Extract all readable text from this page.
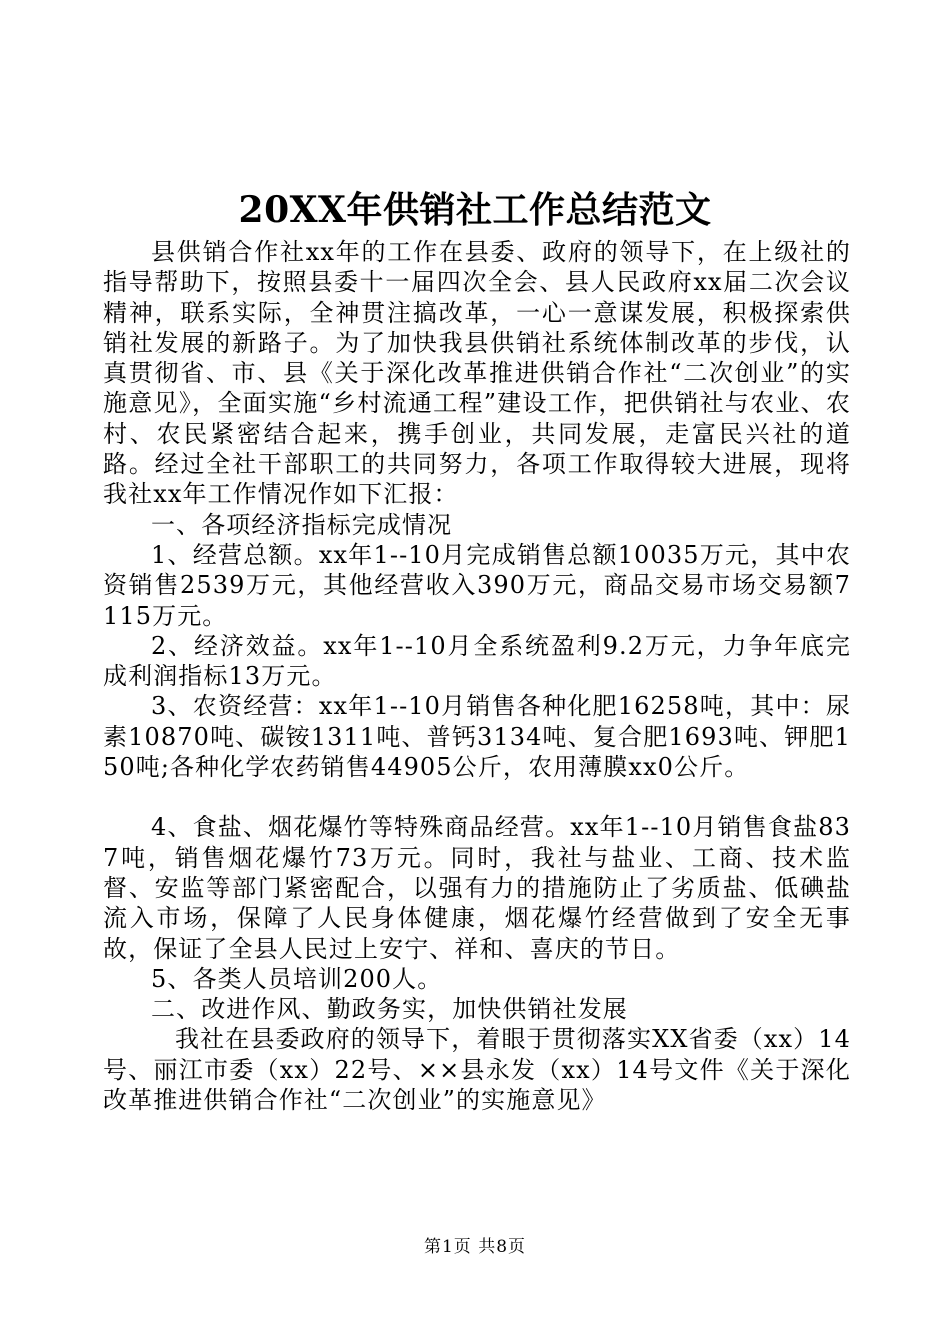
20XX年供销社工作总结范文

县供销合作社xx年的工作在县委、政府的领导下，在上级社的指导帮助下，按照县委十一届四次全会、县人民政府xx届二次会议精神，联系实际，全神贯注搞改革，一心一意谋发展，积极探索供销社发展的新路子。为了加快我县供销社系统体制改革的步伐，认真贯彻省、市、县《关于深化改革推进供销合作社“二次创业”的实施意见》，全面实施“乡村流通工程”建设工作，把供销社与农业、农村、农民紧密结合起来，携手创业，共同发展，走富民兴社的道路。经过全社干部职工的共同努力，各项工作取得较大进展，现将我社xx年工作情况作如下汇报：

一、各项经济指标完成情况

1、经营总额。xx年1--10月完成销售总额10035万元，其中农资销售2539万元，其他经营收入390万元，商品交易市场交易额7115万元。

2、经济效益。xx年1--10月全系统盈利9.2万元，力争年底完成利润指标13万元。

3、农资经营：xx年1--10月销售各种化肥16258吨，其中：尿素10870吨、碳铵1311吨、普钙3134吨、复合肥1693吨、钾肥150吨;各种化学农药销售44905公斤，农用薄膜xx0公斤。

4、食盐、烟花爆竹等特殊商品经营。xx年1--10月销售食盐837吨，销售烟花爆竹73万元。同时，我社与盐业、工商、技术监督、安监等部门紧密配合，以强有力的措施防止了劣质盐、低碘盐流入市场，保障了人民身体健康，烟花爆竹经营做到了安全无事故，保证了全县人民过上安宁、祥和、喜庆的节日。

5、各类人员培训200人。

二、改进作风、勤政务实，加快供销社发展

我社在县委政府的领导下，着眼于贯彻落实XX省委（xx）14号、丽江市委（xx）22号、××县永发（xx）14号文件《关于深化改革推进供销合作社“二次创业”的实施意见》

第1页 共8页
